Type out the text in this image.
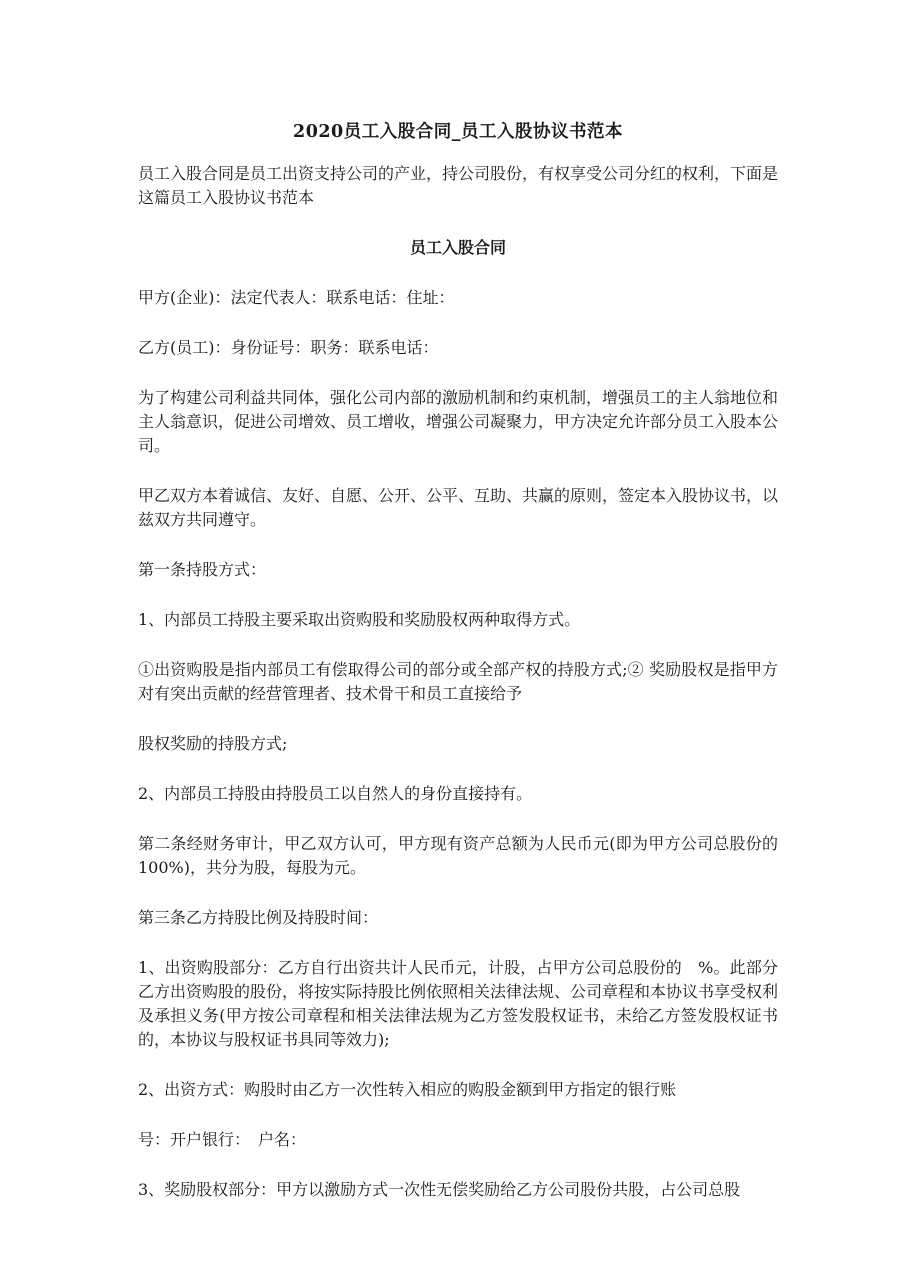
2020员工入股合同_员工入股协议书范本

员工入股合同是员工出资支持公司的产业，持公司股份，有权享受公司分红的权利，下面是这篇员工入股协议书范本

员工入股合同

甲方(企业)：法定代表人：联系电话：住址：

乙方(员工)：身份证号：职务：联系电话：

为了构建公司利益共同体，强化公司内部的激励机制和约束机制，增强员工的主人翁地位和主人翁意识，促进公司增效、员工增收，增强公司凝聚力，甲方决定允许部分员工入股本公司。

甲乙双方本着诚信、友好、自愿、公开、公平、互助、共赢的原则，签定本入股协议书，以兹双方共同遵守。

第一条持股方式：

1、内部员工持股主要采取出资购股和奖励股权两种取得方式。

①出资购股是指内部员工有偿取得公司的部分或全部产权的持股方式;② 奖励股权是指甲方对有突出贡献的经营管理者、技术骨干和员工直接给予

股权奖励的持股方式;

2、内部员工持股由持股员工以自然人的身份直接持有。

第二条经财务审计，甲乙双方认可，甲方现有资产总额为人民币元(即为甲方公司总股份的 100%)，共分为股，每股为元。

第三条乙方持股比例及持股时间：

1、出资购股部分：乙方自行出资共计人民币元，计股，占甲方公司总股份的　%。此部分乙方出资购股的股份，将按实际持股比例依照相关法律法规、公司章程和本协议书享受权利及承担义务(甲方按公司章程和相关法律法规为乙方签发股权证书，未给乙方签发股权证书的，本协议与股权证书具同等效力);

2、出资方式：购股时由乙方一次性转入相应的购股金额到甲方指定的银行账

号：开户银行：　户名：

3、奖励股权部分：甲方以激励方式一次性无偿奖励给乙方公司股份共股，占公司总股
